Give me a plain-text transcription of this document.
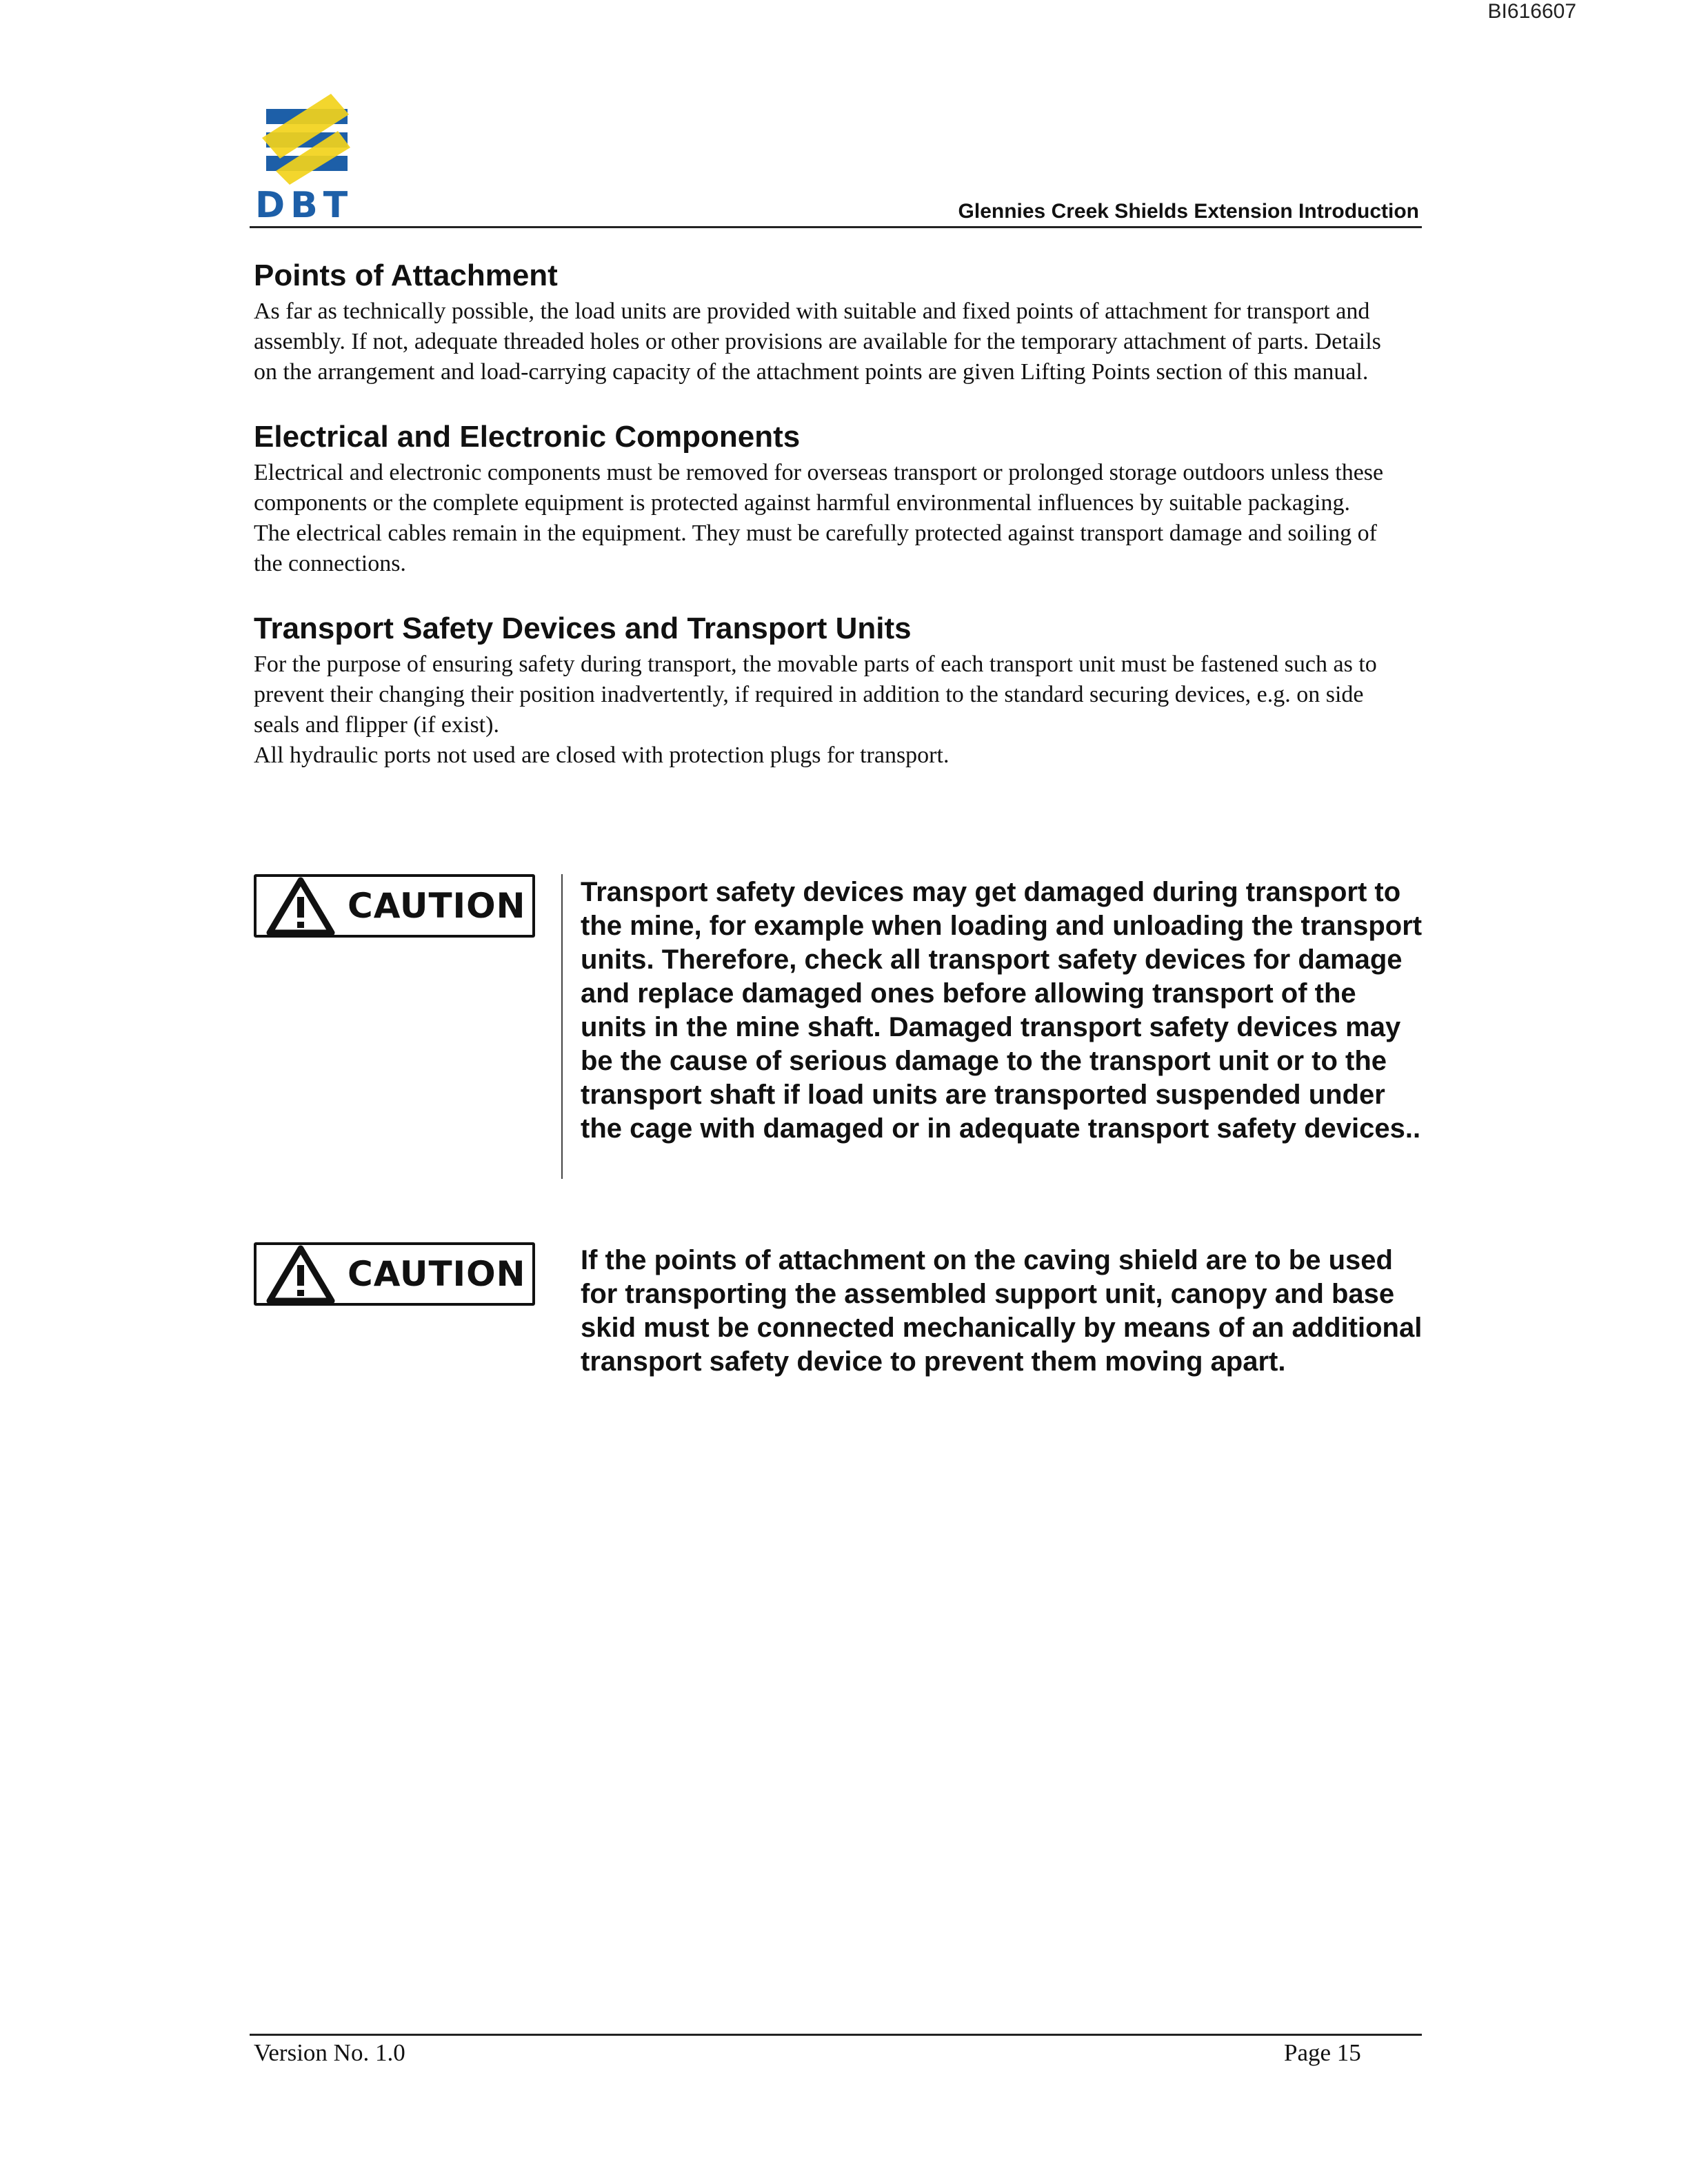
BI616607
DBT	Glennies Creek Shields Extension Introduction
Points of Attachment

As far as technically possible, the load units are provided with suitable and fixed points of attachment for transport and assembly. If not, adequate threaded holes or other provisions are available for the temporary attachment of parts. Details on the arrangement and load-carrying capacity of the attachment points are given Lifting Points section of this manual.

Electrical and Electronic Components

Electrical and electronic components must be removed for overseas transport or prolonged storage outdoors unless these components or the complete equipment is protected against harmful environmental influences by suitable packaging.

The electrical cables remain in the equipment. They must be carefully protected against transport damage and soiling of the connections.

Transport Safety Devices and Transport Units

For the purpose of ensuring safety during transport, the movable parts of each transport unit must be fastened such as to prevent their changing their position inadvertently, if required in addition to the standard securing devices, e.g. on side seals and flipper (if exist).

All hydraulic ports not used are closed with protection plugs for transport.

CAUTION Transport safety devices may get damaged during transport to the mine, for example when loading and unloading the transport units. Therefore, check all transport safety devices for damage and replace damaged ones before allowing transport of the units in the mine shaft. Damaged transport safety devices may be the cause of serious damage to the transport unit or to the transport shaft if load units are transported suspended under the cage with damaged or in adequate transport safety devices..
CAUTION If the points of attachment on the caving shield are to be used for transporting the assembled support unit, canopy and base skid must be connected mechanically by means of an additional transport safety device to prevent them moving apart.
Version No. 1.0	Page 15
